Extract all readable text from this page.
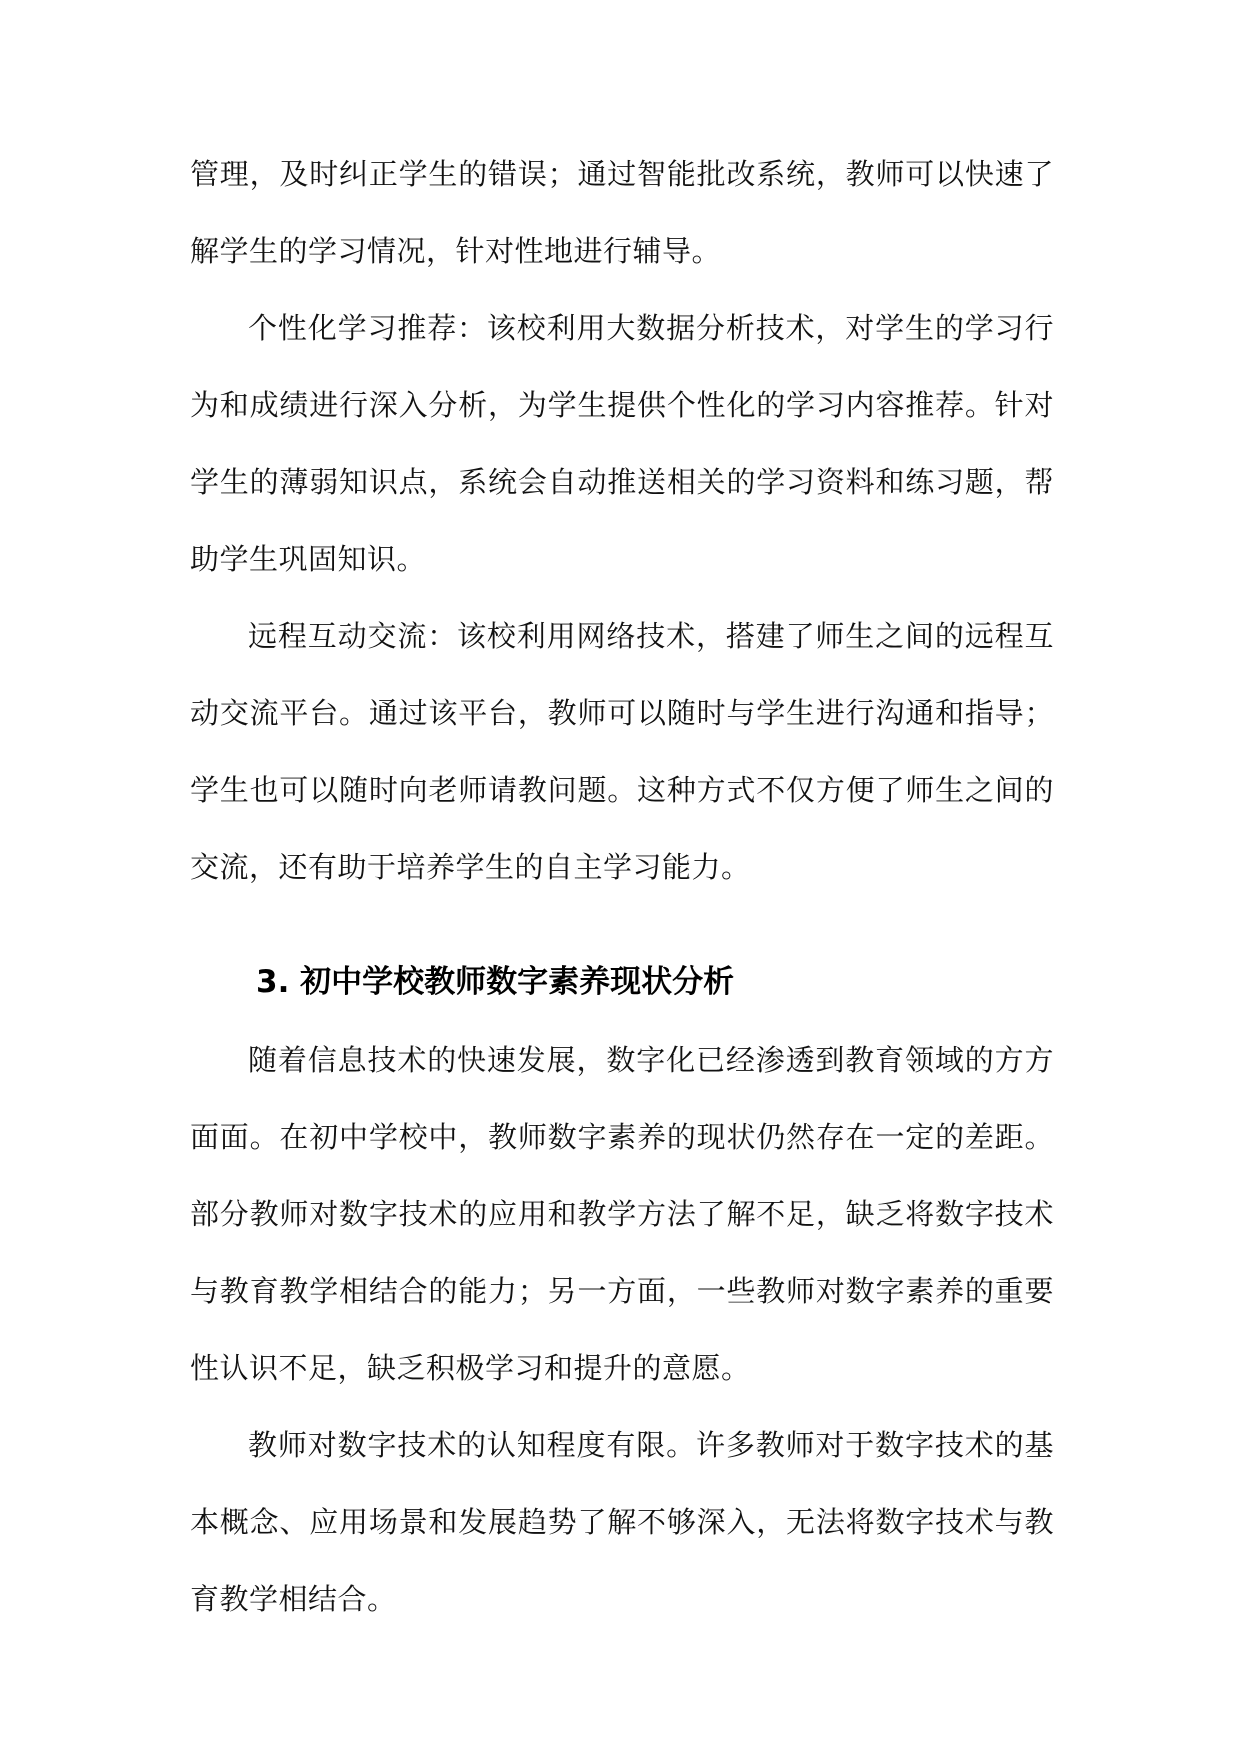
管理，及时纠正学生的错误；通过智能批改系统，教师可以快速了解学生的学习情况，针对性地进行辅导。

个性化学习推荐：该校利用大数据分析技术，对学生的学习行为和成绩进行深入分析，为学生提供个性化的学习内容推荐。针对学生的薄弱知识点，系统会自动推送相关的学习资料和练习题，帮助学生巩固知识。

远程互动交流：该校利用网络技术，搭建了师生之间的远程互动交流平台。通过该平台，教师可以随时与学生进行沟通和指导；学生也可以随时向老师请教问题。这种方式不仅方便了师生之间的交流，还有助于培养学生的自主学习能力。

3. 初中学校教师数字素养现状分析

随着信息技术的快速发展，数字化已经渗透到教育领域的方方面面。在初中学校中，教师数字素养的现状仍然存在一定的差距。部分教师对数字技术的应用和教学方法了解不足，缺乏将数字技术与教育教学相结合的能力；另一方面，一些教师对数字素养的重要性认识不足，缺乏积极学习和提升的意愿。

教师对数字技术的认知程度有限。许多教师对于数字技术的基本概念、应用场景和发展趋势了解不够深入，无法将数字技术与教育教学相结合。
